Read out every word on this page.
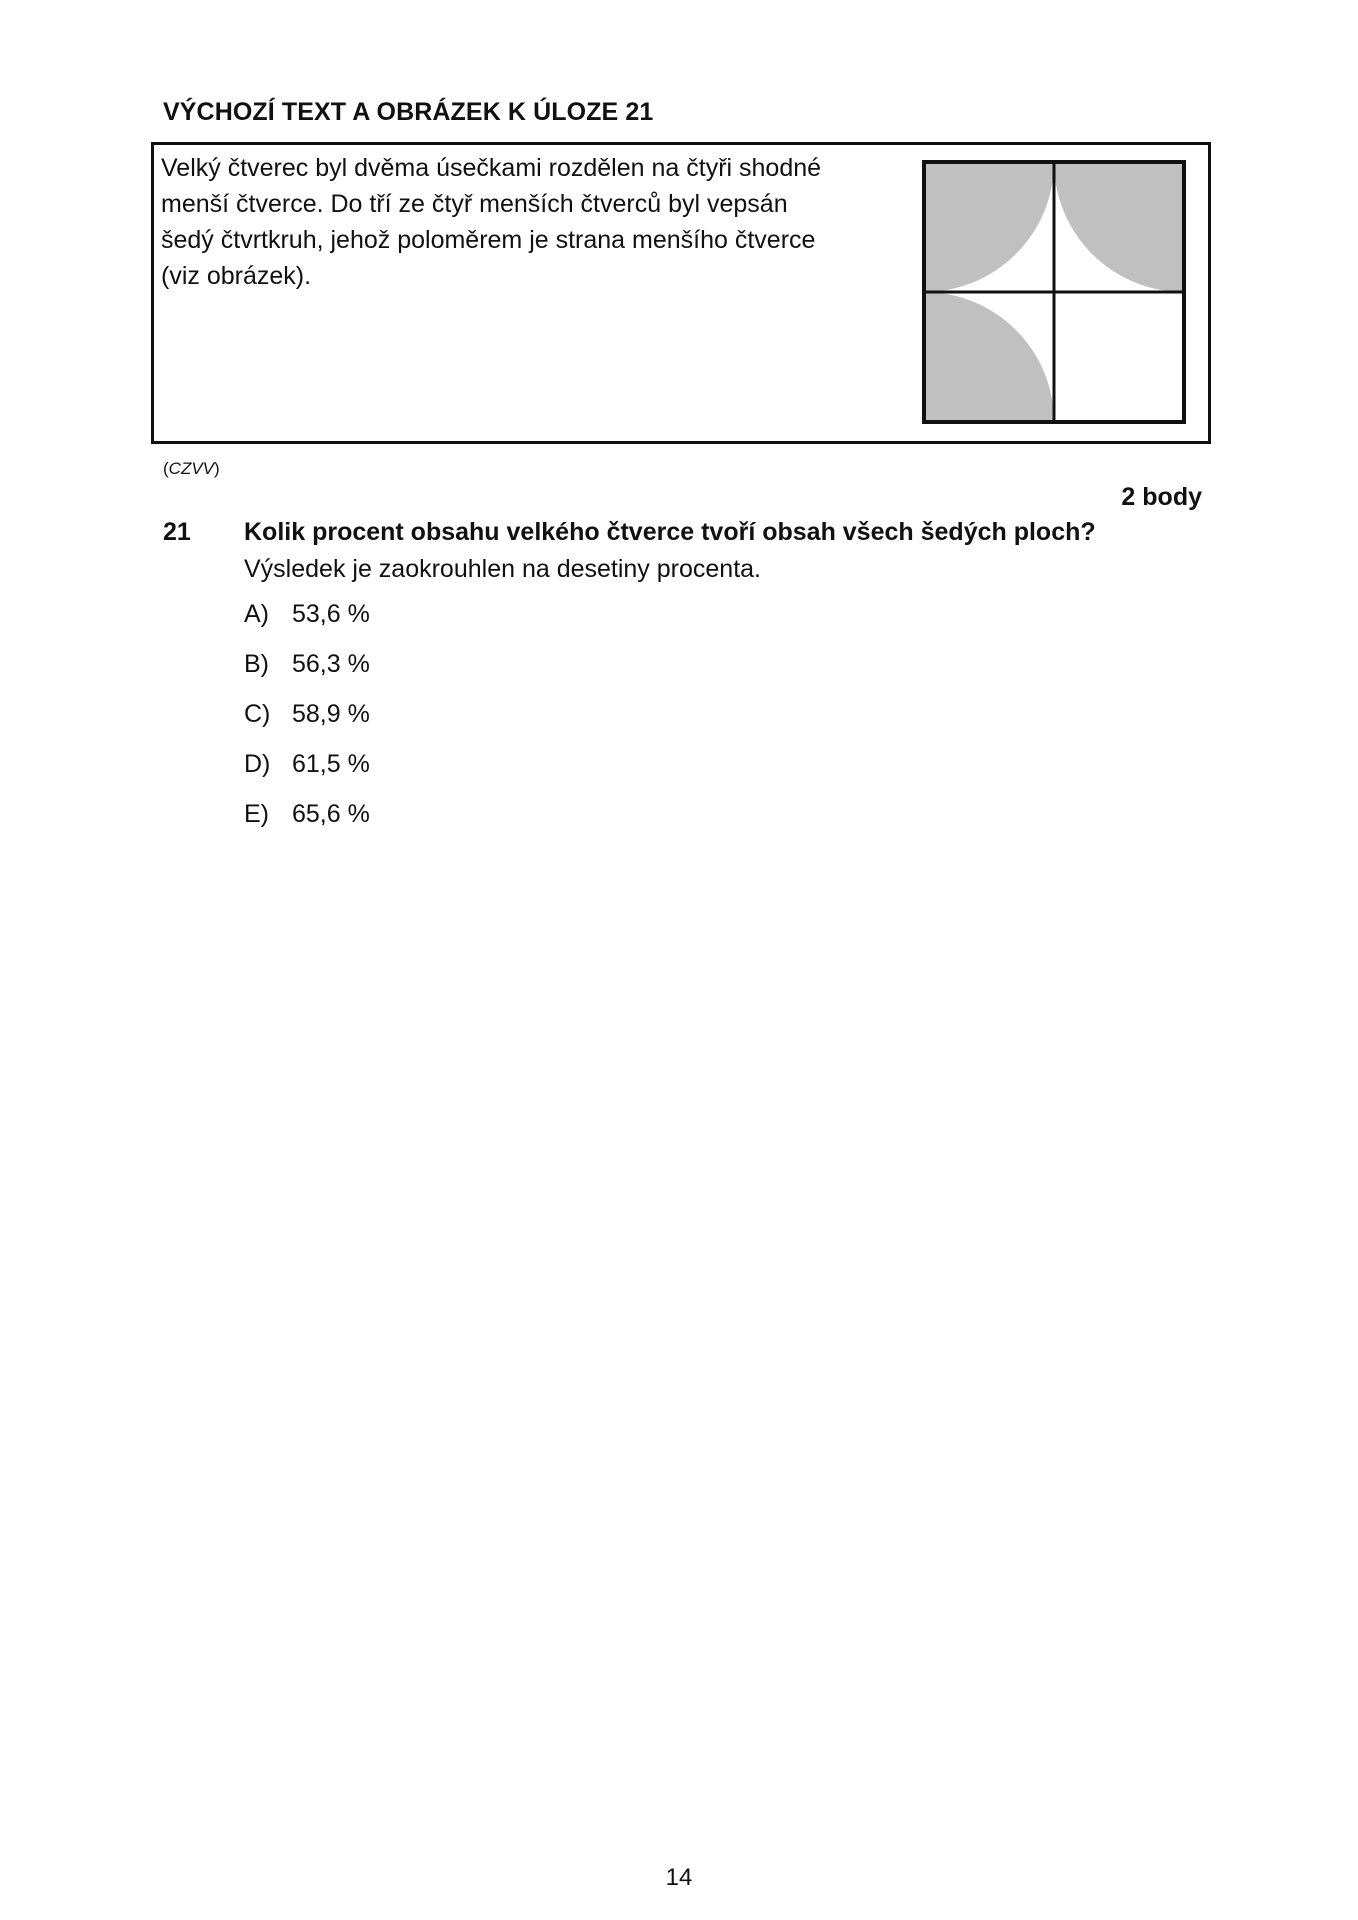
VÝCHOZÍ TEXT A OBRÁZEK K ÚLOZE 21
Velký čtverec byl dvěma úsečkami rozdělen na čtyři shodné
menší čtverce. Do tří ze čtyř menších čtverců byl vepsán
šedý čtvrtkruh, jehož poloměrem je strana menšího čtverce
(viz obrázek).
(CZVV)
2 body
21 Kolik procent obsahu velkého čtverce tvoří obsah všech šedých ploch?
Výsledek je zaokrouhlen na desetiny procenta.
A) 53,6 %
B) 56,3 %
C) 58,9 %
D) 61,5 %
E) 65,6 %
14
